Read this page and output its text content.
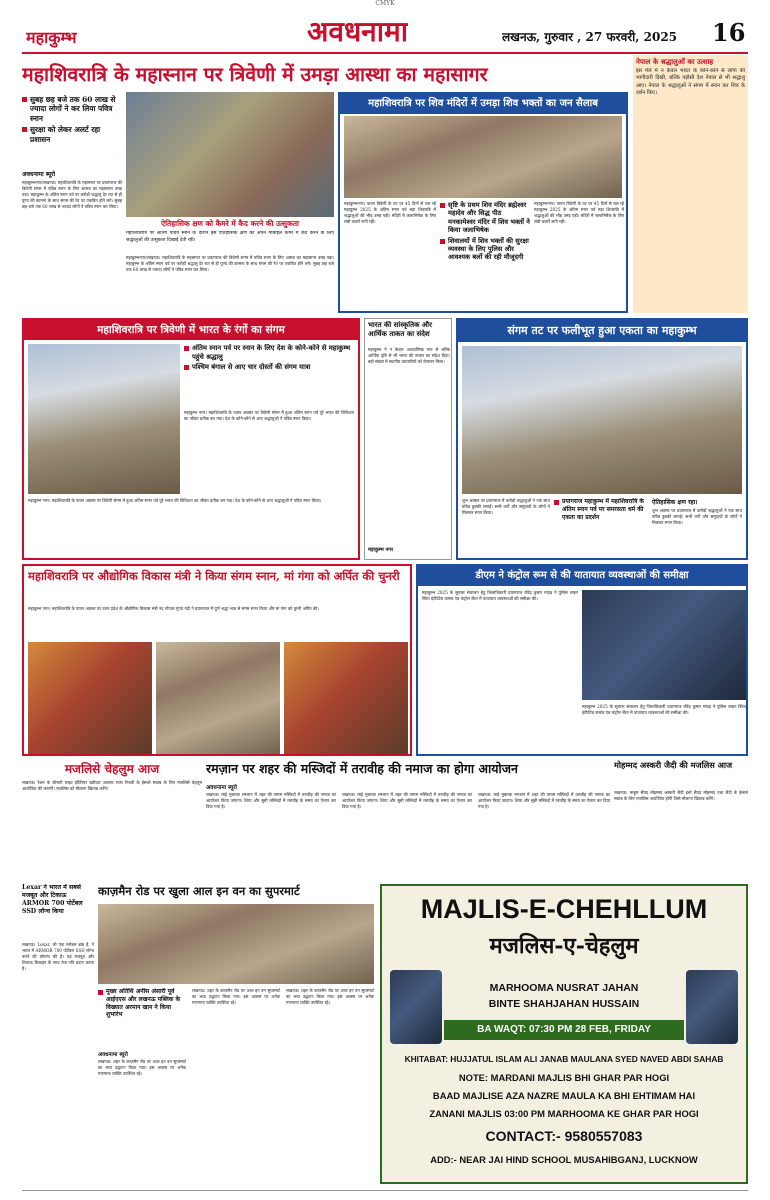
CMYK
महाकुम्भ	अवधनामा	लखनऊ, गुरुवार , 27 फरवरी, 2025 16
महाशिवरात्रि के महास्नान पर त्रिवेणी में उमड़ा आस्था का महासागर
सुबह छह बजे तक 60 लाख से ज्यादा लोगों ने कर लिया पवित्र स्नान
सुरक्षा को लेकर अलर्ट रहा प्रशासन
अवधनामा ब्यूरो
महाकुम्भनगर/लखनऊ। महाशिवरात्रि के महास्नान पर प्रयागराज की त्रिवेणी संगम में पवित्र स्नान के लिए आस्था का महासागर उमड़ पड़ा। महाकुम्भ के अंतिम स्नान पर्व पर करोड़ों श्रद्धालु देर रात से ही पुण्य की कामना के साथ संगम की रेत पर एकत्रित होने लगे। सुबह छह बजे तक 60 लाख से ज्यादा लोगों ने पवित्र स्नान कर लिया।
ऐतिहासिक क्षण को कैमरे में कैद करने की उत्सुकता
महाशिवरात्रि पर अंतिम पवित्र स्नान के दौरान इस ऐतिहासिक क्षण को अपने मोबाइल कैमरे में कैद करने के लिए श्रद्धालुओं की उत्सुकता दिखाई देती रही।
महाकुम्भनगर/लखनऊ। महाशिवरात्रि के महास्नान पर प्रयागराज की त्रिवेणी संगम में पवित्र स्नान के लिए आस्था का महासागर उमड़ पड़ा। महाकुम्भ के अंतिम स्नान पर्व पर करोड़ों श्रद्धालु देर रात से ही पुण्य की कामना के साथ संगम की रेत पर एकत्रित होने लगे। सुबह छह बजे तक 60 लाख से ज्यादा लोगों ने पवित्र स्नान कर लिया।
महाशिवरात्रि पर शिव मंदिरों में उमड़ा शिव भक्तों का जन सैलाब
महाकुम्भनगर। पावन त्रिवेणी के तट पर 45 दिनों से चल रहे महाकुम्भ 2025 के अंतिम स्नान पर्व महा शिवरात्रि में श्रद्धालुओं की भीड़ उमड़ पड़ी। मंदिरों में जलाभिषेक के लिए लंबी कतारें लगी रहीं।
सृष्टि के प्रथम शिव मंदिर ब्रह्मेश्वर महादेव और सिद्ध पीठ मनकामेश्वर मंदिर में शिव भक्तों ने किया जलाभिषेक
शिवालयों में शिव भक्तों की सुरक्षा व्यवस्था के लिए पुलिस और आवश्यक बलों की रही मौजूदगी
महाकुम्भनगर। पावन त्रिवेणी के तट पर 45 दिनों से चल रहे महाकुम्भ 2025 के अंतिम स्नान पर्व महा शिवरात्रि में श्रद्धालुओं की भीड़ उमड़ पड़ी। मंदिरों में जलाभिषेक के लिए लंबी कतारें लगी रहीं।
नेपाल के श्रद्धालुओं का उत्साह
इस मेले में न केवल भारत के कोने-कोने से लोगों की भागीदारी दिखी, बल्कि पड़ोसी देश नेपाल से भी श्रद्धालु आए। नेपाल के श्रद्धालुओं ने संगम में स्नान कर शिव के दर्शन किए।
महाशिवरात्रि पर त्रिवेणी में भारत के रंगों का संगम
अंतिम स्नान पर्व पर स्नान के लिए देश के कोने-कोने से महाकुम्भ पहुंचे श्रद्धालु
पश्चिम बंगाल से आए चार दोस्तों की संगम यात्रा
महाकुम्भ नगर। महाशिवरात्रि के पावन अवसर पर त्रिवेणी संगम में हुआ अंतिम स्नान पर्व पूरे भारत की विविधता का जीवंत प्रतीक बन गया। देश के कोने-कोने से आए श्रद्धालुओं ने पवित्र स्नान किया।
महाकुम्भ नगर। महाशिवरात्रि के पावन अवसर पर त्रिवेणी संगम में हुआ अंतिम स्नान पर्व पूरे भारत की विविधता का जीवंत प्रतीक बन गया। देश के कोने-कोने से आए श्रद्धालुओं ने पवित्र स्नान किया।
भारत की सांस्कृतिक और आर्थिक ताकत का संदेश
महाकुम्भ ने न केवल आध्यात्मिक रूप से बल्कि आर्थिक दृष्टि से भी भारत की ताकत का संदेश दिया। बड़ी संख्या में स्थानीय व्यापारियों को रोजगार मिला।
महाकुम्भ नगर
संगम तट पर फलीभूत हुआ एकता का महाकुम्भ
शुभ अवसर पर प्रयागराज में करोड़ों श्रद्धालुओं ने एक साथ पवित्र डुबकी लगाई। सभी वर्गों और समुदायों के लोगों ने मिलकर स्नान किया।
प्रयागराज महाकुम्भ में महाशिवरात्रि के अंतिम स्नान पर्व पर समरसता धर्म की एकता का प्रदर्शन
ऐतिहासिक क्षण रहा।
शुभ अवसर पर प्रयागराज में करोड़ों श्रद्धालुओं ने एक साथ पवित्र डुबकी लगाई। सभी वर्गों और समुदायों के लोगों ने मिलकर स्नान किया।
महाशिवरात्रि पर औद्योगिक विकास मंत्री ने किया संगम स्नान, मां गंगा को अर्पित की चुनरी
महाकुम्भ नगर। महाशिवरात्रि के पावन अवसर पर उत्तर प्रदेश के औद्योगिक विकास मंत्री नंद गोपाल गुप्ता नंदी ने प्रयागराज में पूर्ण श्रद्धा भाव से संगम स्नान किया और मां गंगा को चुनरी अर्पित की।
डीएम ने कंट्रोल रूम से की यातायात व्यवस्थाओं की समीक्षा
महाकुम्भ 2025 के सुचारू संचालन हेतु जिलाधिकारी प्रयागराज रविंद्र कुमार मांदड़ ने पुलिस लाइन स्थित इंटीग्रेटेड कमांड एंड कंट्रोल सेंटर में यातायात व्यवस्थाओं की समीक्षा की।
महाकुम्भ 2025 के सुचारू संचालन हेतु जिलाधिकारी प्रयागराज रविंद्र कुमार मांदड़ ने पुलिस लाइन स्थित इंटीग्रेटेड कमांड एंड कंट्रोल सेंटर में यातायात व्यवस्थाओं की समीक्षा की।
मजलिसे चेहलुम आज
लखनऊ। रेशम के कीमती लाइट इंटिरियर खरीदार अफसर राजा रिजवी के ईसाले सवाब के लिए मजलिसे चेहलुम आयोजित की जाएगी। मजलिस को मौलाना खिताब करेंगे।
रमज़ान पर शहर की मस्जिदों में तरावीह की नमाज का होगा आयोजन
अवधनामा ब्यूरो
लखनऊ। माहे मुबारक रमजान में शहर की तमाम मस्जिदों में तरावीह की नमाज का आयोजन किया जाएगा। शिया और सुन्नी मस्जिदों में तरावीह के समय का ऐलान कर दिया गया है।
लखनऊ। माहे मुबारक रमजान में शहर की तमाम मस्जिदों में तरावीह की नमाज का आयोजन किया जाएगा। शिया और सुन्नी मस्जिदों में तरावीह के समय का ऐलान कर दिया गया है।
लखनऊ। माहे मुबारक रमजान में शहर की तमाम मस्जिदों में तरावीह की नमाज का आयोजन किया जाएगा। शिया और सुन्नी मस्जिदों में तरावीह के समय का ऐलान कर दिया गया है।
मोहम्मद अस्करी जैदी की मजलिस आज
लखनऊ। मरहूम सैयद मोहम्मद अस्करी जैदी इब्ने सैयद मोहम्मद रज़ा जैदी के ईसाले सवाब के लिए मजलिस आयोजित होगी जिसे मौलाना खिताब करेंगे।
Lexar ने भारत में सबसे मजबूत और टिकाऊ ARMOR 700 पोर्टेबल SSD लॉन्च किया
लखनऊ। Lexar, जो एक ग्लोबल ब्रांड है, ने भारत में ARMOR 700 पोर्टेबल SSD लॉन्च करने की घोषणा की है। यह मजबूत और टिकाऊ डिजाइन के साथ तेज गति प्रदान करता है।
काज़मैन रोड पर खुला आल इन वन का सुपरमार्ट
मुख्य अतिथि अनीस अंसारी पूर्व आईएएस और लखनऊ पब्लिक के विख्यात अरमान खान ने किया शुभारंभ
अवधनामा ब्यूरो
लखनऊ। शहर के काज़मैन रोड पर आल इन वन सुपरमार्ट का भव्य उद्घाटन किया गया। इस अवसर पर अनेक गणमान्य व्यक्ति उपस्थित रहे।
लखनऊ। शहर के काज़मैन रोड पर आल इन वन सुपरमार्ट का भव्य उद्घाटन किया गया। इस अवसर पर अनेक गणमान्य व्यक्ति उपस्थित रहे।
लखनऊ। शहर के काज़मैन रोड पर आल इन वन सुपरमार्ट का भव्य उद्घाटन किया गया। इस अवसर पर अनेक गणमान्य व्यक्ति उपस्थित रहे।
MAJLIS-E-CHEHLLUM
मजलिस-ए-चेहलुम
MARHOOMA NUSRAT JAHAN
BINTE SHAHJAHAN HUSSAIN
BA WAQT: 07:30 PM 28 FEB, FRIDAY
KHITABAT: HUJJATUL ISLAM ALI JANAB MAULANA SYED NAVED ABDI SAHAB
NOTE: MARDANI MAJLIS BHI GHAR PAR HOGI
BAAD MAJLISE AZA NAZRE MAULA KA BHI EHTIMAM HAI
ZANANI MAJLIS 03:00 PM MARHOOMA KE GHAR PAR HOGI
CONTACT:- 9580557083
ADD:- NEAR JAI HIND SCHOOL MUSAHIBGANJ, LUCKNOW
